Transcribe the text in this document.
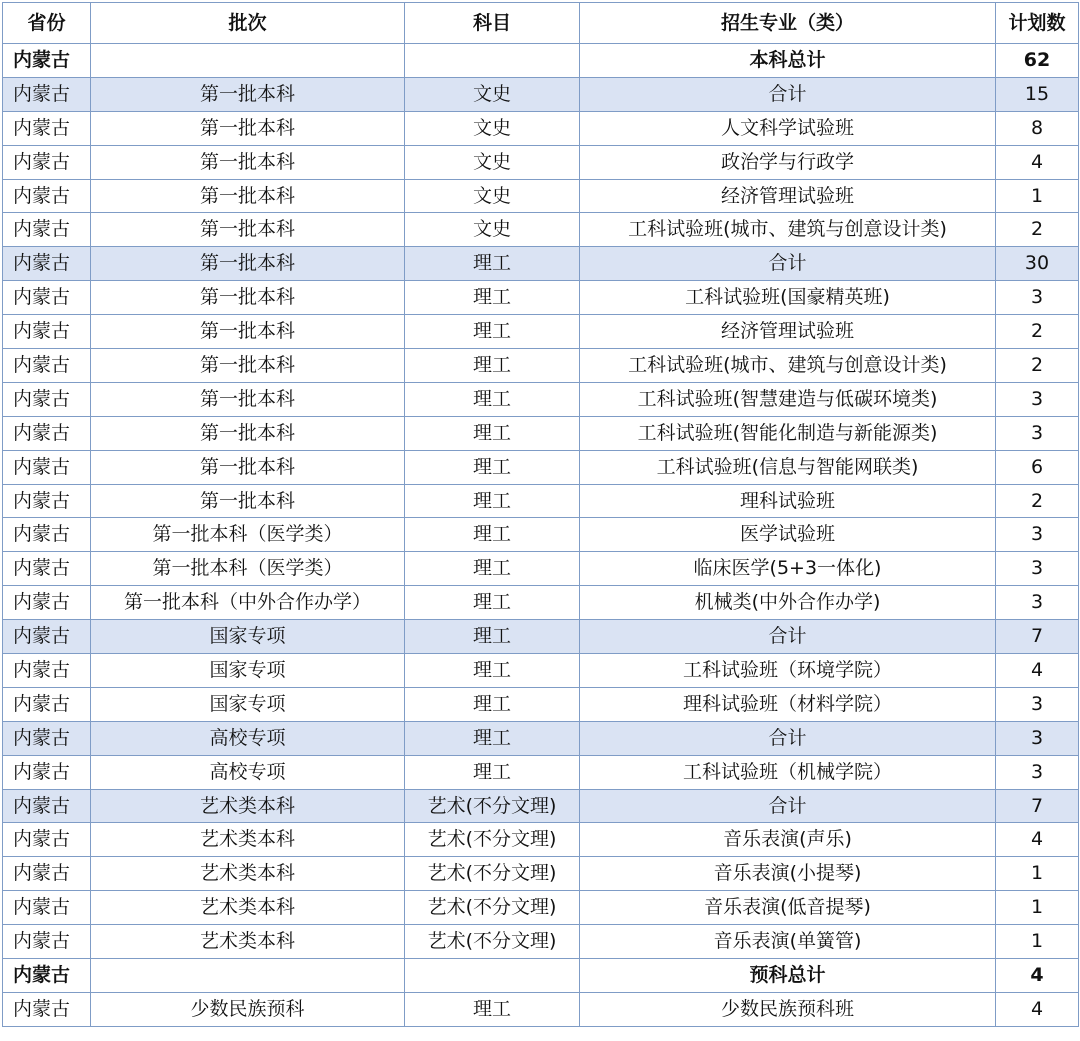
省份	批次	科目	招生专业（类）	计划数
内蒙古			本科总计	62
内蒙古	第一批本科	文史	合计	15
内蒙古	第一批本科	文史	人文科学试验班	8
内蒙古	第一批本科	文史	政治学与行政学	4
内蒙古	第一批本科	文史	经济管理试验班	1
内蒙古	第一批本科	文史	工科试验班(城市、建筑与创意设计类)	2
内蒙古	第一批本科	理工	合计	30
内蒙古	第一批本科	理工	工科试验班(国豪精英班)	3
内蒙古	第一批本科	理工	经济管理试验班	2
内蒙古	第一批本科	理工	工科试验班(城市、建筑与创意设计类)	2
内蒙古	第一批本科	理工	工科试验班(智慧建造与低碳环境类)	3
内蒙古	第一批本科	理工	工科试验班(智能化制造与新能源类)	3
内蒙古	第一批本科	理工	工科试验班(信息与智能网联类)	6
内蒙古	第一批本科	理工	理科试验班	2
内蒙古	第一批本科（医学类）	理工	医学试验班	3
内蒙古	第一批本科（医学类）	理工	临床医学(5+3一体化)	3
内蒙古	第一批本科（中外合作办学）	理工	机械类(中外合作办学)	3
内蒙古	国家专项	理工	合计	7
内蒙古	国家专项	理工	工科试验班（环境学院）	4
内蒙古	国家专项	理工	理科试验班（材料学院）	3
内蒙古	高校专项	理工	合计	3
内蒙古	高校专项	理工	工科试验班（机械学院）	3
内蒙古	艺术类本科	艺术(不分文理)	合计	7
内蒙古	艺术类本科	艺术(不分文理)	音乐表演(声乐)	4
内蒙古	艺术类本科	艺术(不分文理)	音乐表演(小提琴)	1
内蒙古	艺术类本科	艺术(不分文理)	音乐表演(低音提琴)	1
内蒙古	艺术类本科	艺术(不分文理)	音乐表演(单簧管)	1
内蒙古			预科总计	4
内蒙古	少数民族预科	理工	少数民族预科班	4
